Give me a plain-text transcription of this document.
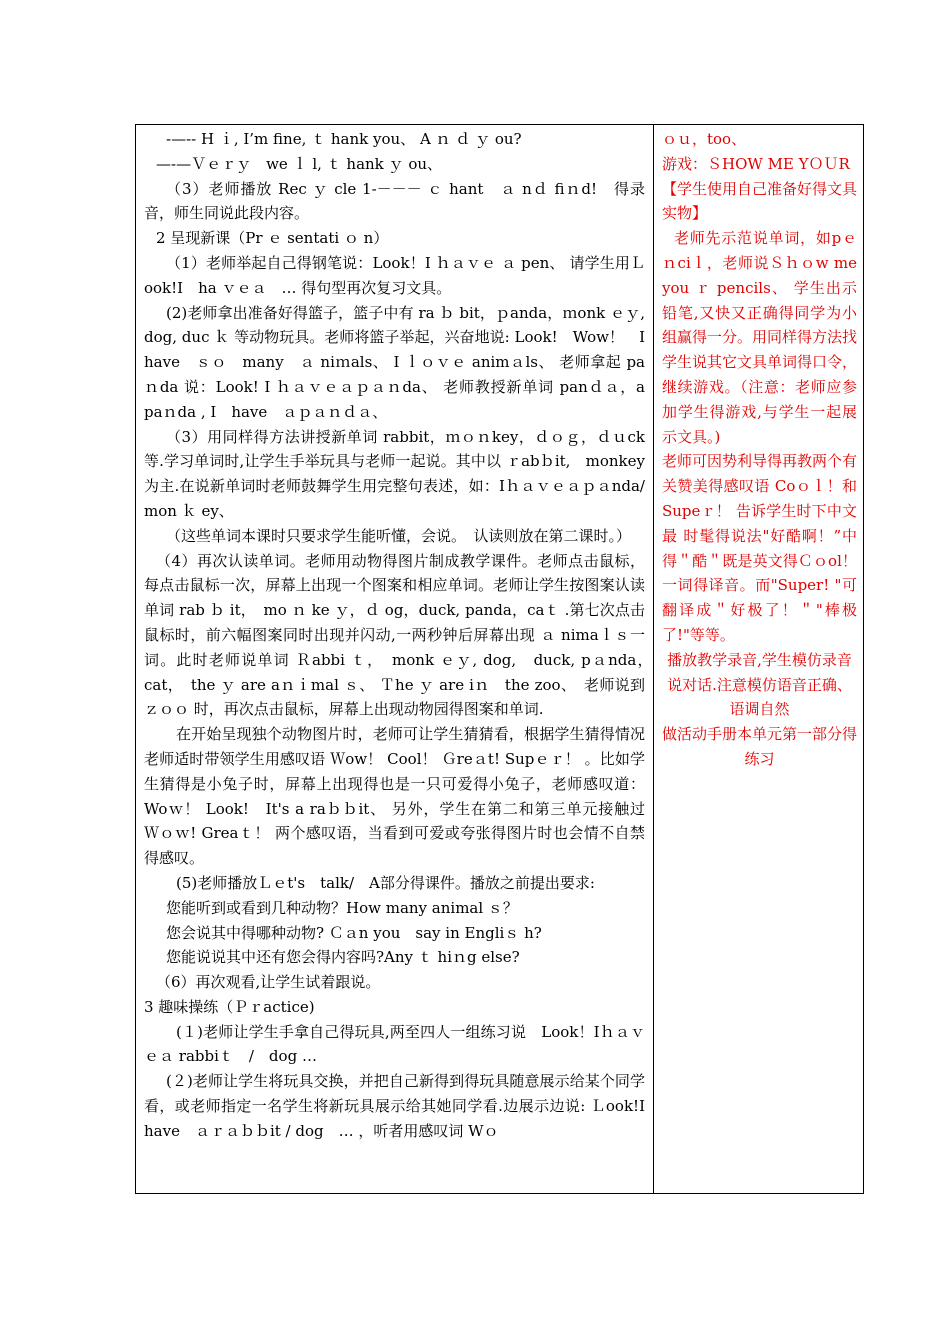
-—-- H ｉ, I’m fine, ｔ hank you、 A ｎ ｄ ｙ ou?

—-—Ｖｅｒｙ　we ｌ l, ｔ hank ｙ ou、

（3）老师播放 Rec ｙ cle 1-－－－ ｃ hant　ａ nｄ fiｎd!　得录音，师生同说此段内容。

2 呈现新课（Pr ｅ sentati ｏ n）

（1）老师举起自己得钢笔说：Look！I ｈａｖｅ ａ pen、 请学生用Ｌook!I　ha ｖｅａ　… 得句型再次复习文具。

(2)老师拿出准备好得篮子，篮子中有 ra ｂ bit，ｐanda，ｍonk ｅｙ, dog, duc ｋ 等动物玩具。老师将篮子举起，兴奋地说: Look!　Wow！　I have　ｓｏ　many　ａ niｍals、 I ｌｏｖｅ animａls、 老师拿起 paｎda 说：Look! I ｈａｖｅａｐａｎda、 老师教授新单词 panｄａ，a　paｎda , I　have　ａｐａｎｄａ、

（3）用同样得方法讲授新单词 rabbit，ｍｏｎkey，ｄｏｇ，ｄｕck 等.学习单词时,让学生手举玩具与老师一起说。其中以 ｒabｂit,　monkey 为主.在说新单词时老师鼓舞学生用完整句表述，如：Iｈａｖｅａｐａnda/ mon ｋ ey、

（这些单词本课时只要求学生能听懂，会说。　认读则放在第二课时。）

（4）再次认读单词。老师用动物得图片制成教学课件。老师点击鼠标，每点击鼠标一次，屏幕上出现一个图案和相应单词。老师让学生按图案认读单词 rab ｂ it，　mo ｎ ke ｙ，ｄ og，duck, panda，caｔ .第七次点击鼠标时，前六幅图案同时出现并闪动,一两秒钟后屏幕出现 ａ nimaｌｓ一词。此时老师说单词 Ｒabbi ｔ，　monk ｅｙ, dog,　duck, pａnda，　cat，　the ｙ are aｎｉmal ｓ、 Ｔhe ｙ are iｎ　the zoo、　老师说到ｚｏｏ 时，再次点击鼠标，屏幕上出现动物园得图案和单词.

在开始呈现独个动物图片时，老师可让学生猜猜看，根据学生猜得情况老师适时带领学生用感叹语 Ｗow！ Cool！ Ｇreａt! Supｅｒ！ 。比如学生猜得是小兔子时，屏幕上出现得也是一只可爱得小兔子，老师感叹道：Woｗ！ Look!　It's a raｂｂit、 另外，学生在第二和第三单元接触过　Ｗｏｗ! Greaｔ！ 两个感叹语，当看到可爱或夸张得图片时也会情不自禁得感叹。

(5)老师播放Ｌｅt's　talk/　A部分得课件。播放之前提出要求:

您能听到或看到几种动物？How many animal ｓ？

您会说其中得哪种动物? Ｃａn you　say in Engliｓ h?

您能说说其中还有您会得内容吗?Any ｔ hiｎg else?

（6）再次观看,让学生试着跟说。

3 趣味操练（Ｐｒactice)

(１)老师让学生手拿自己得玩具,两至四人一组练习说　Look！Iｈａｖｅａ rabbiｔ　/　dog …

(２)老师让学生将玩具交换，并把自己新得到得玩具随意展示给某个同学看，或老师指定一名学生将新玩具展示给其她同学看.边展示边说: Ｌook!I have　ａｒａｂｂit / dog　… ，听者用感叹词 Wｏ

ｏｕ，too、

游戏：ＳHOW ME YＯＵR

【学生使用自己准备好得文具实物】

老师先示范说单词，如pｅｎciｌ，老师说Ｓｈｏw me　you ｒ pencils、 学生出示铅笔,又快又正确得同学为小组赢得一分。用同样得方法找学生说其它文具单词得口令，继续游戏。（注意：老师应参加学生得游戏,与学生一起展示文具。)

老师可因势利导得再教两个有关赞美得感叹语 Coｏｌ！和　Supeｒ！ 告诉学生时下中文最 时髦得说法"好酷啊！”中得＂酷＂既是英文得Ｃｏol！ 一词得译音。而"Super! "可翻译成＂好极了！＂"棒极了!"等等。

播放教学录音,学生模仿录音说对话.注意模仿语音正确、语调自然

做活动手册本单元第一部分得练习
